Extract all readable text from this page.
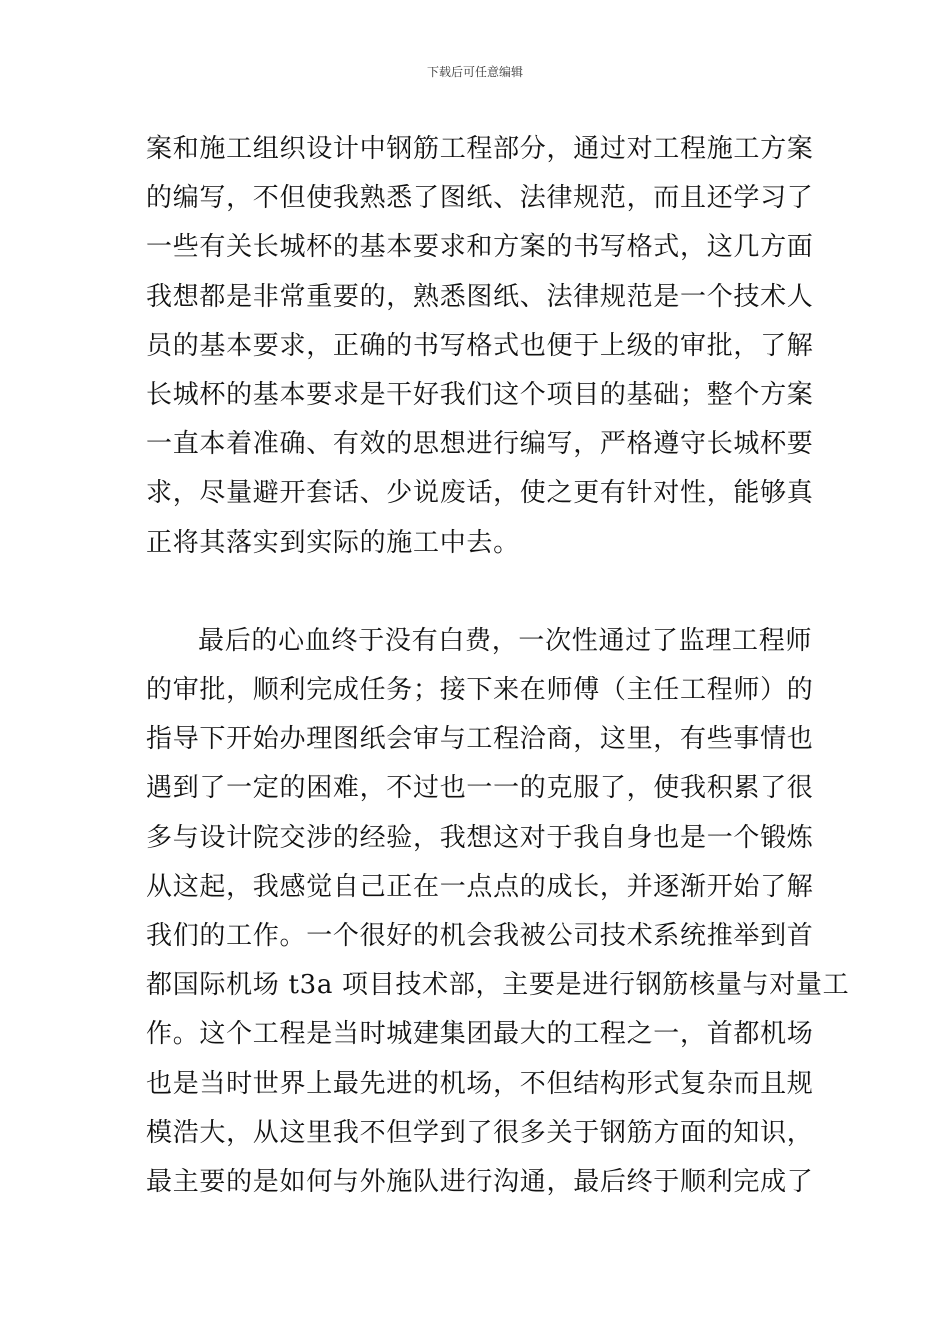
下载后可任意编辑
案和施工组织设计中钢筋工程部分，通过对工程施工方案
的编写，不但使我熟悉了图纸、法律规范，而且还学习了
一些有关长城杯的基本要求和方案的书写格式，这几方面
我想都是非常重要的，熟悉图纸、法律规范是一个技术人
员的基本要求，正确的书写格式也便于上级的审批，了解
长城杯的基本要求是干好我们这个项目的基础；整个方案
一直本着准确、有效的思想进行编写，严格遵守长城杯要
求，尽量避开套话、少说废话，使之更有针对性，能够真
正将其落实到实际的施工中去。
最后的心血终于没有白费，一次性通过了监理工程师
的审批，顺利完成任务；接下来在师傅（主任工程师）的
指导下开始办理图纸会审与工程洽商，这里，有些事情也
遇到了一定的困难，不过也一一的克服了，使我积累了很
多与设计院交涉的经验，我想这对于我自身也是一个锻炼
从这起，我感觉自己正在一点点的成长，并逐渐开始了解
我们的工作。一个很好的机会我被公司技术系统推举到首
都国际机场 t3a 项目技术部，主要是进行钢筋核量与对量工
作。这个工程是当时城建集团最大的工程之一，首都机场
也是当时世界上最先进的机场，不但结构形式复杂而且规
模浩大，从这里我不但学到了很多关于钢筋方面的知识，
最主要的是如何与外施队进行沟通，最后终于顺利完成了
